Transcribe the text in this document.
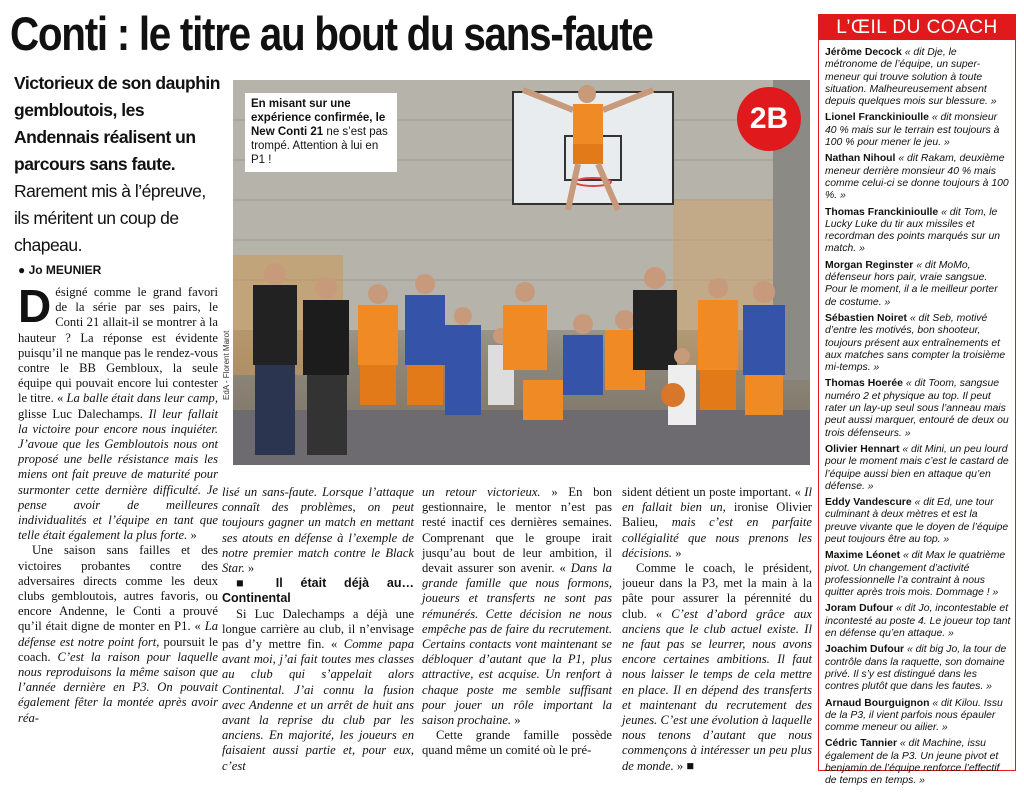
Conti : le titre au bout du sans-faute
Victorieux de son dauphin gembloutois, les Andennais réalisent un parcours sans faute. Rarement mis à l’épreuve, ils méritent un coup de chapeau.
● Jo MEUNIER
2B
En misant sur une expérience confirmée, le New Conti 21 ne s’est pas trompé. Attention à lui en P1 !
EdA - Florent Marot

Désigné comme le grand favori de la série par ses pairs, le Conti 21 allait-il se montrer à la hauteur ? La réponse est évidente puisqu’il ne manque pas le rendez-vous contre le BB Gembloux, la seule équipe qui pouvait encore lui contester le titre. « La balle était dans leur camp, glisse Luc Dalechamps. Il leur fallait la victoire pour encore nous inquiéter. J’avoue que les Gembloutois nous ont proposé une belle résistance mais les miens ont fait preuve de maturité pour surmonter cette dernière difficulté. Je pense avoir de meilleures individualités et l’équipe en tant que telle était également la plus forte. »

Une saison sans failles et des victoires probantes contre des adversaires directs comme les deux clubs gembloutois, autres favoris, ou encore Andenne, le Conti a prouvé qu’il était digne de monter en P1. « La défense est notre point fort, poursuit le coach. C’est la raison pour laquelle nous reproduisons la même saison que l’année dernière en P3. On pouvait également fêter la montée après avoir réa-

lisé un sans-faute. Lorsque l’attaque connaît des problèmes, on peut toujours gagner un match en mettant ses atouts en défense à l’exemple de notre premier match contre le Black Star. »

■ Il était déjà au… Continental

Si Luc Dalechamps a déjà une longue carrière au club, il n’envisage pas d’y mettre fin. « Comme papa avant moi, j’ai fait toutes mes classes au club qui s’appelait alors Continental. J’ai connu la fusion avec Andenne et un arrêt de huit ans avant la reprise du club par les anciens. En majorité, les joueurs en faisaient aussi partie et, pour eux, c’est

un retour victorieux. » En bon gestionnaire, le mentor n’est pas resté inactif ces dernières semaines. Comprenant que le groupe irait jusqu’au bout de leur ambition, il devait assurer son avenir. « Dans la grande famille que nous formons, joueurs et transferts ne sont pas rémunérés. Cette décision ne nous empêche pas de faire du recrutement. Certains contacts vont maintenant se débloquer d’autant que la P1, plus attractive, est acquise. Un renfort à chaque poste me semble suffisant pour jouer un rôle important la saison prochaine. »

Cette grande famille possède quand même un comité où le pré-

sident détient un poste important. « Il en fallait bien un, ironise Olivier Balieu, mais c’est en parfaite collégialité que nous prenons les décisions. »

Comme le coach, le président, joueur dans la P3, met la main à la pâte pour assurer la pérennité du club. « C’est d’abord grâce aux anciens que le club actuel existe. Il ne faut pas se leurrer, nous avons encore certaines ambitions. Il faut nous laisser le temps de cela mettre en place. Il en dépend des transferts et maintenant du recrutement des jeunes. C’est une évolution à laquelle nous tenons d’autant que nous commençons à intéresser un peu plus de monde. » ■

L’ŒIL DU COACH
Jérôme Decock « dit Dje, le métronome de l’équipe, un super-meneur qui trouve solution à toute situation. Malheureusement absent depuis quelques mois sur blessure. »
Lionel Franckinioulle « dit monsieur 40 % mais sur le terrain est toujours à 100 % pour mener le jeu. »
Nathan Nihoul « dit Rakam, deuxième meneur derrière monsieur 40 % mais comme celui-ci se donne toujours à 100 %. »
Thomas Franckinioulle « dit Tom, le Lucky Luke du tir aux missiles et recordman des points marqués sur un match. »
Morgan Reginster « dit MoMo, défenseur hors pair, vraie sangsue. Pour le moment, il a le meilleur porter de costume. »
Sébastien Noiret « dit Seb, motivé d’entre les motivés, bon shooteur, toujours présent aux entraînements et aux matches sans compter la troisième mi-temps. »
Thomas Hoerée « dit Toom, sangsue numéro 2 et physique au top. Il peut rater un lay-up seul sous l’anneau mais peut aussi marquer, entouré de deux ou trois défenseurs. »
Olivier Hennart « dit Mini, un peu lourd pour le moment mais c’est le castard de l’équipe aussi bien en attaque qu’en défense. »
Eddy Vandescure « dit Ed, une tour culminant à deux mètres et est la preuve vivante que le doyen de l’équipe peut toujours être au top. »
Maxime Léonet « dit Max le quatrième pivot. Un changement d’activité professionnelle l’a contraint à nous quitter après trois mois. Dommage ! »
Joram Dufour « dit Jo, incontestable et incontesté au poste 4. Le joueur top tant en défense qu’en attaque. »
Joachim Dufour « dit big Jo, la tour de contrôle dans la raquette, son domaine privé. Il s’y est distingué dans les contres plutôt que dans les fautes. »
Arnaud Bourguignon « dit Kilou. Issu de la P3, il vient parfois nous épauler comme meneur ou ailier. »
Cédric Tannier « dit Machine, issu également de la P3. Un jeune pivot et benjamin de l’équipe renforce l’effectif de temps en temps. »
